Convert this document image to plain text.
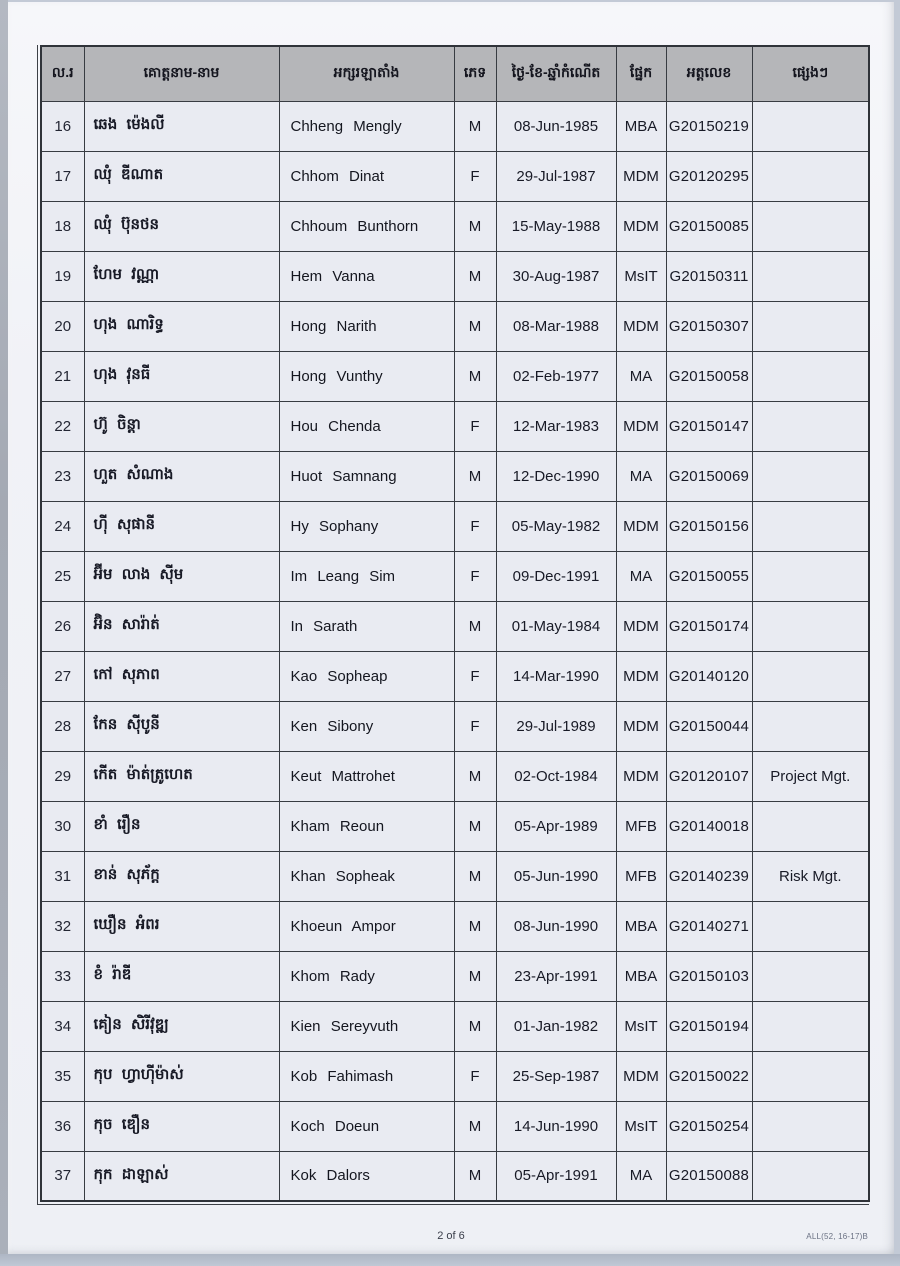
ល.រ	គោត្តនាម-នាម	អក្សរឡាតាំង	ភេទ	ថ្ងៃ-ខែ-ឆ្នាំកំណើត	ផ្នែក	អត្តលេខ	ផ្សេងៗ
16	ឆេង ម៉េងលី	Chheng Mengly	M	08-Jun-1985	MBA	G20150219	
17	ឈុំ ឌីណាត	Chhom Dinat	F	29-Jul-1987	MDM	G20120295	
18	ឈុំ ប៊ុនថន	Chhoum Bunthorn	M	15-May-1988	MDM	G20150085	
19	ហែម វណ្ណា	Hem Vanna	M	30-Aug-1987	MsIT	G20150311	
20	ហុង ណារិទ្ធ	Hong Narith	M	08-Mar-1988	MDM	G20150307	
21	ហុង វុនធី	Hong Vunthy	M	02-Feb-1977	MA	G20150058	
22	ហ៊ូ ចិន្តា	Hou Chenda	F	12-Mar-1983	MDM	G20150147	
23	ហួត សំណាង	Huot Samnang	M	12-Dec-1990	MA	G20150069	
24	ហ៊ី សុផានី	Hy Sophany	F	05-May-1982	MDM	G20150156	
25	អ៊ីម លាង ស៊ីម	Im Leang Sim	F	09-Dec-1991	MA	G20150055	
26	អ៊ិន សារ៉ាត់	In Sarath	M	01-May-1984	MDM	G20150174	
27	កៅ សុភាព	Kao Sopheap	F	14-Mar-1990	MDM	G20140120	
28	កែន ស៊ីបូនី	Ken Sibony	F	29-Jul-1989	MDM	G20150044	
29	កើត ម៉ាត់ត្រូហេត	Keut Mattrohet	M	02-Oct-1984	MDM	G20120107	Project Mgt.
30	ខាំ រឿន	Kham Reoun	M	05-Apr-1989	MFB	G20140018	
31	ខាន់ សុភ័ក្ត	Khan Sopheak	M	05-Jun-1990	MFB	G20140239	Risk Mgt.
32	ឃឿន អំពរ	Khoeun Ampor	M	08-Jun-1990	MBA	G20140271	
33	ខំ រ៉ាឌី	Khom Rady	M	23-Apr-1991	MBA	G20150103	
34	គៀន សិរីវុឌ្ឍ	Kien Sereyvuth	M	01-Jan-1982	MsIT	G20150194	
35	កុប ហ្វាហ៊ីម៉ាស់	Kob Fahimash	F	25-Sep-1987	MDM	G20150022	
36	កុច ឌឿន	Koch Doeun	M	14-Jun-1990	MsIT	G20150254	
37	កុក ដាឡាស់	Kok Dalors	M	05-Apr-1991	MA	G20150088	
2 of 6	ALL(52, 16-17)B
